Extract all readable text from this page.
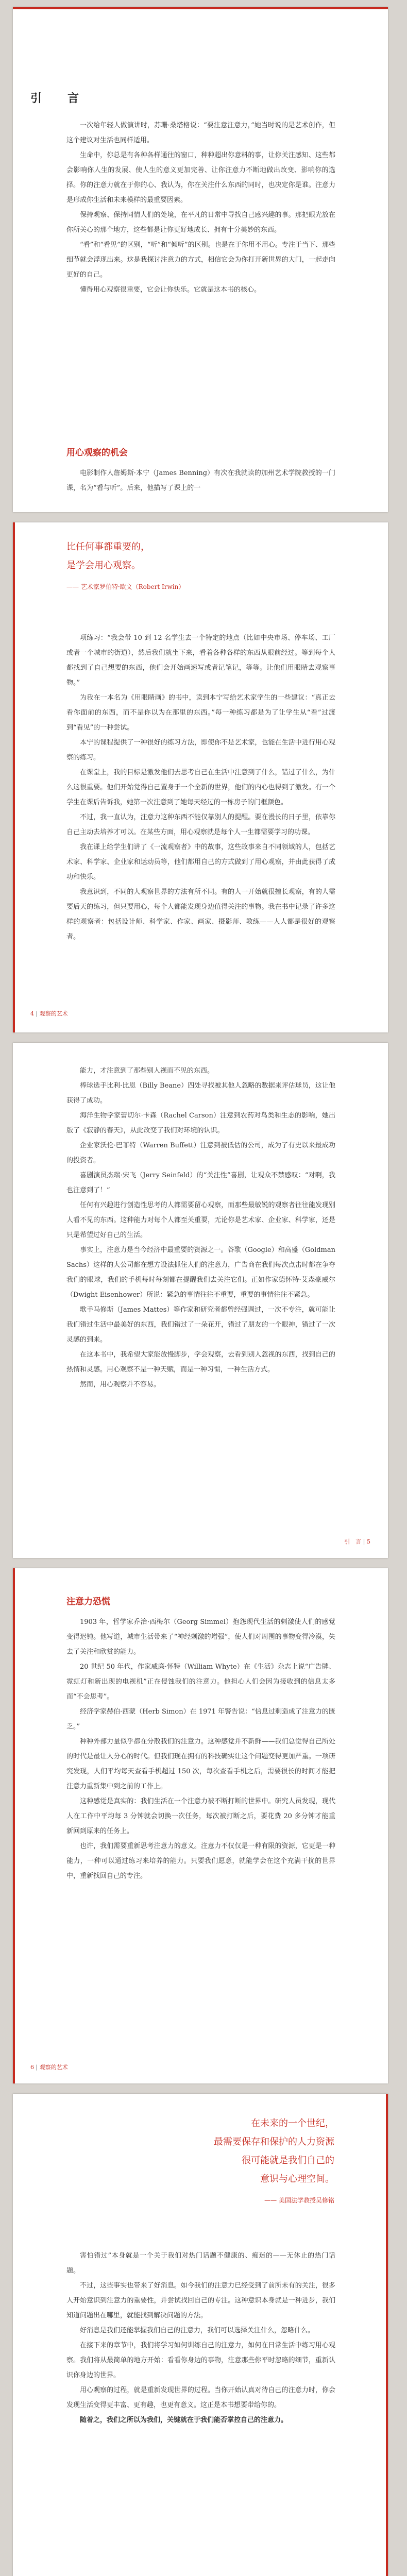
引　言

一次给年轻人做演讲时，苏珊·桑塔格说：“要注意注意力，”她当时说的是艺术创作，但这个建议对生活也同样适用。

生命中，你总是有各种各样通往的窗口，种种超出你意料的事，让你关注感知、这些都会影响你人生的发展、使人生的意义更加完善、让你注意力不断地做出改变、影响你的选择。你的注意力就在于你的心、我认为，你在关注什么东西的同时，也决定你是谁。注意力是形成你生活和未来模样的最重要因素。

保持观察、保持同情人们的处境，在平凡的日常中寻找自己感兴趣的事。那把眼光放在你所关心的那个地方，这些都是让你更好地成长、拥有十分美妙的东西。

“看”和“看见”的区别，“听”和“倾听”的区别。也是在于你用不用心。专注于当下、那些细节就会浮现出来。这是我探讨注意力的方式，相信它会为你打开新世界的大门，一起走向更好的自己。

懂得用心观察很重要，它会让你快乐。它就是这本书的核心。

用心观察的机会

电影制作人詹姆斯·本宁（James Benning）有次在我就读的加州艺术学院教授的一门课，名为“看与听”。后来，他描写了课上的一

比任何事都重要的，

是学会用心观察。

—— 艺术家罗伯特·欧文（Robert Irwin）

项练习：“我会带 10 到 12 名学生去一个特定的地点（比如中央市场、停车场、工厂或者一个城市的街道），然后我们就坐下来，看着各种各样的东西从眼前经过。等到每个人都找到了自己想要的东西，他们会开始画速写或者记笔记，等等。让他们用眼睛去观察事物。”

为我在一本名为《用眼睛画》的书中，读到本宁写给艺术家学生的一些建议：“真正去看你面前的东西，而不是你以为在那里的东西。”每一种练习都是为了让学生从“看”过渡到“看见”的一种尝试。

本宁的课程提供了一种很好的练习方法，即使你不是艺术家，也能在生活中进行用心观察的练习。

在课堂上，我的目标是激发他们去思考自己在生活中注意到了什么，错过了什么，为什么这很重要。他们开始觉得自己置身于一个全新的世界，他们的内心也得到了激发。有一个学生在课后告诉我，她第一次注意到了她每天经过的一栋房子的门框颜色。

不过，我一直认为，注意力这种东西不能仅靠别人的提醒。要在漫长的日子里，依靠你自己主动去培养才可以。在某些方面，用心观察就是每个人一生都需要学习的功课。

我在课上给学生们讲了《一流观察者》中的故事，这些故事来自不同领域的人，包括艺术家、科学家、企业家和运动员等，他们都用自己的方式做到了用心观察，并由此获得了成功和快乐。

我意识到，不同的人观察世界的方法有所不同。有的人一开始就很擅长观察，有的人需要后天的练习，但只要用心，每个人都能发现身边值得关注的事物。我在书中记录了许多这样的观察者：包括设计师、科学家、作家、画家、摄影师、教练——人人都是很好的观察者。

4 | 观察的艺术

能力，才注意到了那些别人视而不见的东西。

棒球选手比利·比恩（Billy Beane）四处寻找被其他人忽略的数据来评估球员，这让他获得了成功。

海洋生物学家蕾切尔·卡森（Rachel Carson）注意到农药对鸟类和生态的影响，她出版了《寂静的春天》，从此改变了我们对环境的认识。

企业家沃伦·巴菲特（Warren Buffett）注意到被低估的公司，成为了有史以来最成功的投资者。

喜剧演员杰瑞·宋飞（Jerry Seinfeld）的“关注性”喜剧，让观众不禁感叹：“对啊，我也注意到了！”

任何有兴趣进行创造性思考的人都需要留心观察，而那些最敏锐的观察者往往能发现别人看不见的东西。这种能力对每个人都至关重要，无论你是艺术家、企业家、科学家，还是只是希望过好自己的生活。

事实上，注意力是当今经济中最重要的资源之一。谷歌（Google）和高盛（Goldman Sachs）这样的大公司都在想方设法抓住人们的注意力，广告商在我们每次点击时都在争夺我们的眼球，我们的手机每时每刻都在提醒我们去关注它们。正如作家德怀特·艾森豪威尔（Dwight Eisenhower）所说：紧急的事情往往不重要，重要的事情往往不紧急。

歌手马修斯（James Mattes）等作家和研究者都曾经强调过，一次不专注，就可能让我们错过生活中最美好的东西，我们错过了一朵花开，错过了朋友的一个眼神，错过了一次灵感的到来。

在这本书中，我希望大家能放慢脚步，学会观察，去看到别人忽视的东西，找到自己的热情和灵感。用心观察不是一种天赋，而是一种习惯，一种生活方式。

然而，用心观察并不容易。

引　言 | 5
注意力恐慌

1903 年，哲学家乔治·西梅尔（Georg Simmel）抱怨现代生活的刺激使人们的感觉变得迟钝。他写道，城市生活带来了“神经刺激的增强”，使人们对周围的事物变得冷漠，失去了关注和欣赏的能力。

20 世纪 50 年代，作家威廉·怀特（William Whyte）在《生活》杂志上说“广告牌、霓虹灯和新出现的电视机”正在侵蚀我们的注意力。他担心人们会因为接收到的信息太多而“不会思考”。

经济学家赫伯·西蒙（Herb Simon）在 1971 年警告说：“信息过剩造成了注意力的匮乏。”

种种外部力量似乎都在分散我们的注意力。这种感觉并不新鲜——我们总觉得自己所处的时代是最让人分心的时代。但我们现在拥有的科技确实让这个问题变得更加严重。一项研究发现，人们平均每天查看手机超过 150 次，每次查看手机之后，需要很长的时间才能把注意力重新集中到之前的工作上。

这种感觉是真实的：我们生活在一个注意力被不断打断的世界中。研究人员发现，现代人在工作中平均每 3 分钟就会切换一次任务，每次被打断之后，要花费 20 多分钟才能重新回到原来的任务上。

也许，我们需要重新思考注意力的意义。注意力不仅仅是一种有限的资源，它更是一种能力，一种可以通过练习来培养的能力。只要我们愿意，就能学会在这个充满干扰的世界中，重新找回自己的专注。

6 | 观察的艺术

在未来的一个世纪，

最需要保存和保护的人力资源

很可能就是我们自己的

意识与心理空间。

—— 美国法学教授吴修铭

害怕错过”本身就是一个关于我们对热门话题不健康的、痴迷的——无休止的热门话题。

不过，这些事实也带来了好消息。如今我们的注意力已经受到了前所未有的关注，很多人开始意识到注意力的重要性，并尝试找回自己的专注。这种意识本身就是一种进步，我们知道问题出在哪里，就能找到解决问题的方法。

好消息是我们还能掌握我们自己的注意力，我们可以选择关注什么，忽略什么。

在接下来的章节中，我们将学习如何训练自己的注意力，如何在日常生活中练习用心观察。我们将从最简单的地方开始：看看你身边的事物，注意那些你平时忽略的细节，重新认识你身边的世界。

用心观察的过程，就是重新发现世界的过程。当你开始认真对待自己的注意力时，你会发现生活变得更丰富、更有趣，也更有意义。这正是本书想要带给你的。

随着之，我们之所以为我们，关键就在于我们能否掌控自己的注意力。
